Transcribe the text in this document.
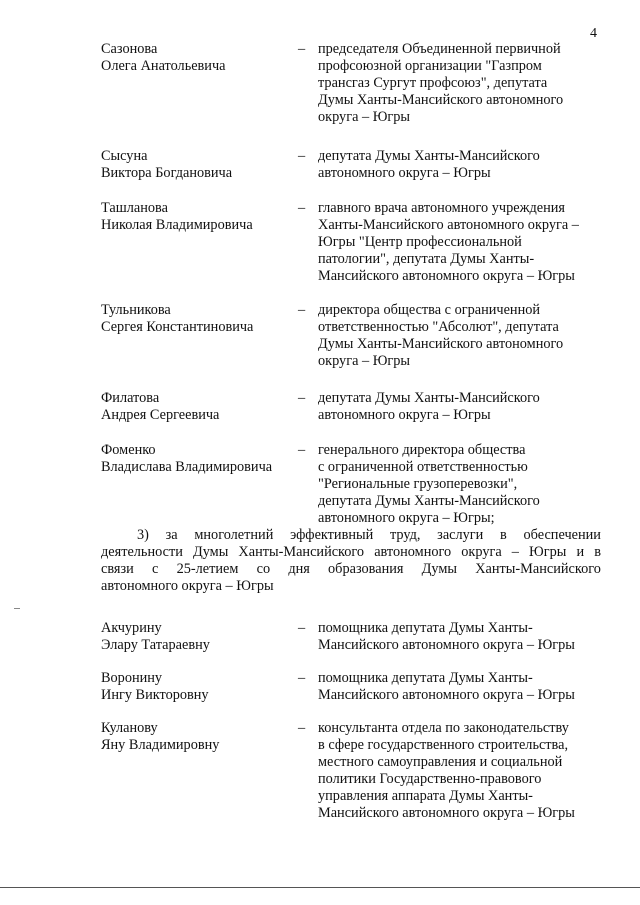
4
Сазонова
Олега Анатольевича
– председателя Объединенной первичной
профсоюзной организации "Газпром
трансгаз Сургут профсоюз", депутата
Думы Ханты-Мансийского автономного
округа – Югры
Сысуна
Виктора Богдановича
– депутата Думы Ханты-Мансийского
автономного округа – Югры
Ташланова
Николая Владимировича
– главного врача автономного учреждения
Ханты-Мансийского автономного округа –
Югры "Центр профессиональной
патологии", депутата Думы Ханты-
Мансийского автономного округа – Югры
Тульникова
Сергея Константиновича
– директора общества с ограниченной
ответственностью "Абсолют", депутата
Думы Ханты-Мансийского автономного
округа – Югры
Филатова
Андрея Сергеевича
– депутата Думы Ханты-Мансийского
автономного округа – Югры
Фоменко
Владислава Владимировича
– генерального директора общества
с ограниченной ответственностью
"Региональные грузоперевозки",
депутата Думы Ханты-Мансийского
автономного округа – Югры;
3) за многолетний эффективный труд, заслуги в обеспечении
деятельности Думы Ханты-Мансийского автономного округа – Югры и в
связи с 25-летием со дня образования Думы Ханты-Мансийского
автономного округа – Югры
Акчурину
Элару Татараевну
– помощника депутата Думы Ханты-
Мансийского автономного округа – Югры
Воронину
Ингу Викторовну
– помощника депутата Думы Ханты-
Мансийского автономного округа – Югры
Куланову
Яну Владимировну
– консультанта отдела по законодательству
в сфере государственного строительства,
местного самоуправления и социальной
политики Государственно-правового
управления аппарата Думы Ханты-
Мансийского автономного округа – Югры
